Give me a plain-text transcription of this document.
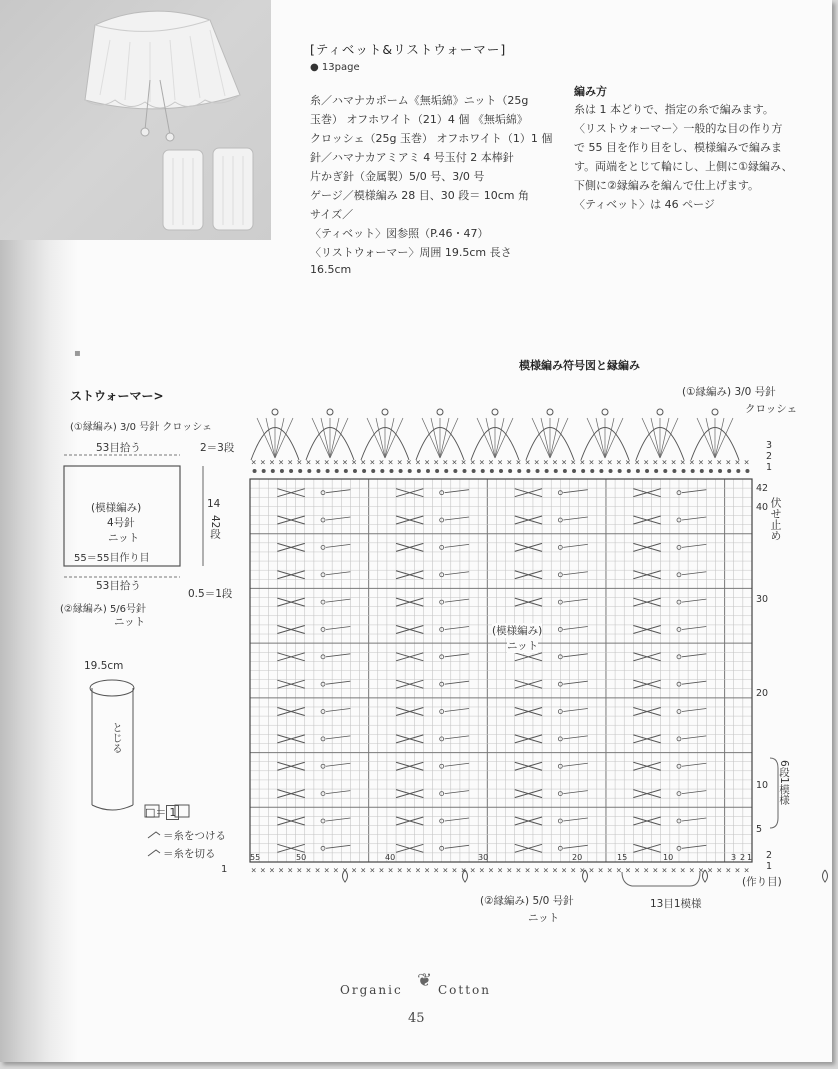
[ティベット&リストウォーマー]
● 13page
糸／ハマナカポーム《無垢綿》ニット（25g
玉巻） オフホワイト（21）4 個 《無垢綿》
クロッシェ（25g 玉巻） オフホワイト（1）1 個
針／ハマナカアミアミ 4 号玉付 2 本棒針
片かぎ針（金属製）5/0 号、3/0 号
ゲージ／模様編み 28 目、30 段＝ 10cm 角
サイズ／
〈ティベット〉図参照（P.46・47）
〈リストウォーマー〉周囲 19.5cm 長さ
16.5cm
編み方
糸は 1 本どりで、指定の糸で編みます。
〈リストウォーマー〉一般的な目の作り方
で 55 目を作り目をし、模様編みで編みま
す。両端をとじて輪にし、上側に①縁編み、
下側に②縁編みを編んで仕上げます。
〈ティベット〉は 46 ページ
模様編み符号図と縁編み
▪
ストウォーマー>
×
×
×
×
×
×
×
×
×
×
×
×
×
×
×
×
×
×
×
×
×
×
×
×
×
×
×
×
×
×
×
×
×
×
×
×
×
×
×
×
×
×
×
×
×
×
×
×
×
×
×
×
×
×
×
×
×
×
×
×
×
×
×
×
×
×
×
×
×
×
×
×
×
×
×
×
×
×
×
×
×
×
×
×
×
×
×
×
×
×
×
×
×
×
×
×
×
×
×
×
×
×
×
×
×
×
×
×
×
×
(①縁編み) 3/0 号針 クロッシェ
53目拾う	2＝3段
(模様編み)
4号針
ニット
14
42段
55＝55目作り目
53目拾う
0.5＝1段
(②縁編み) 5/6号針
ニット
19.5cm
とじる
□＝ 1
＝糸をつける
＝糸を切る
(①縁編み) 3/0 号針
クロッシェ
(模様編み)
ニット
伏せ止め
6段1模様
(作り目)
(②縁編み) 5/0 号針
ニット
13目1模様
1
3
2
1
42
40
30
20
10
5
2
1
55	50	40	30	20	15	10	3 2 1
Organic ❦ Cotton
45
